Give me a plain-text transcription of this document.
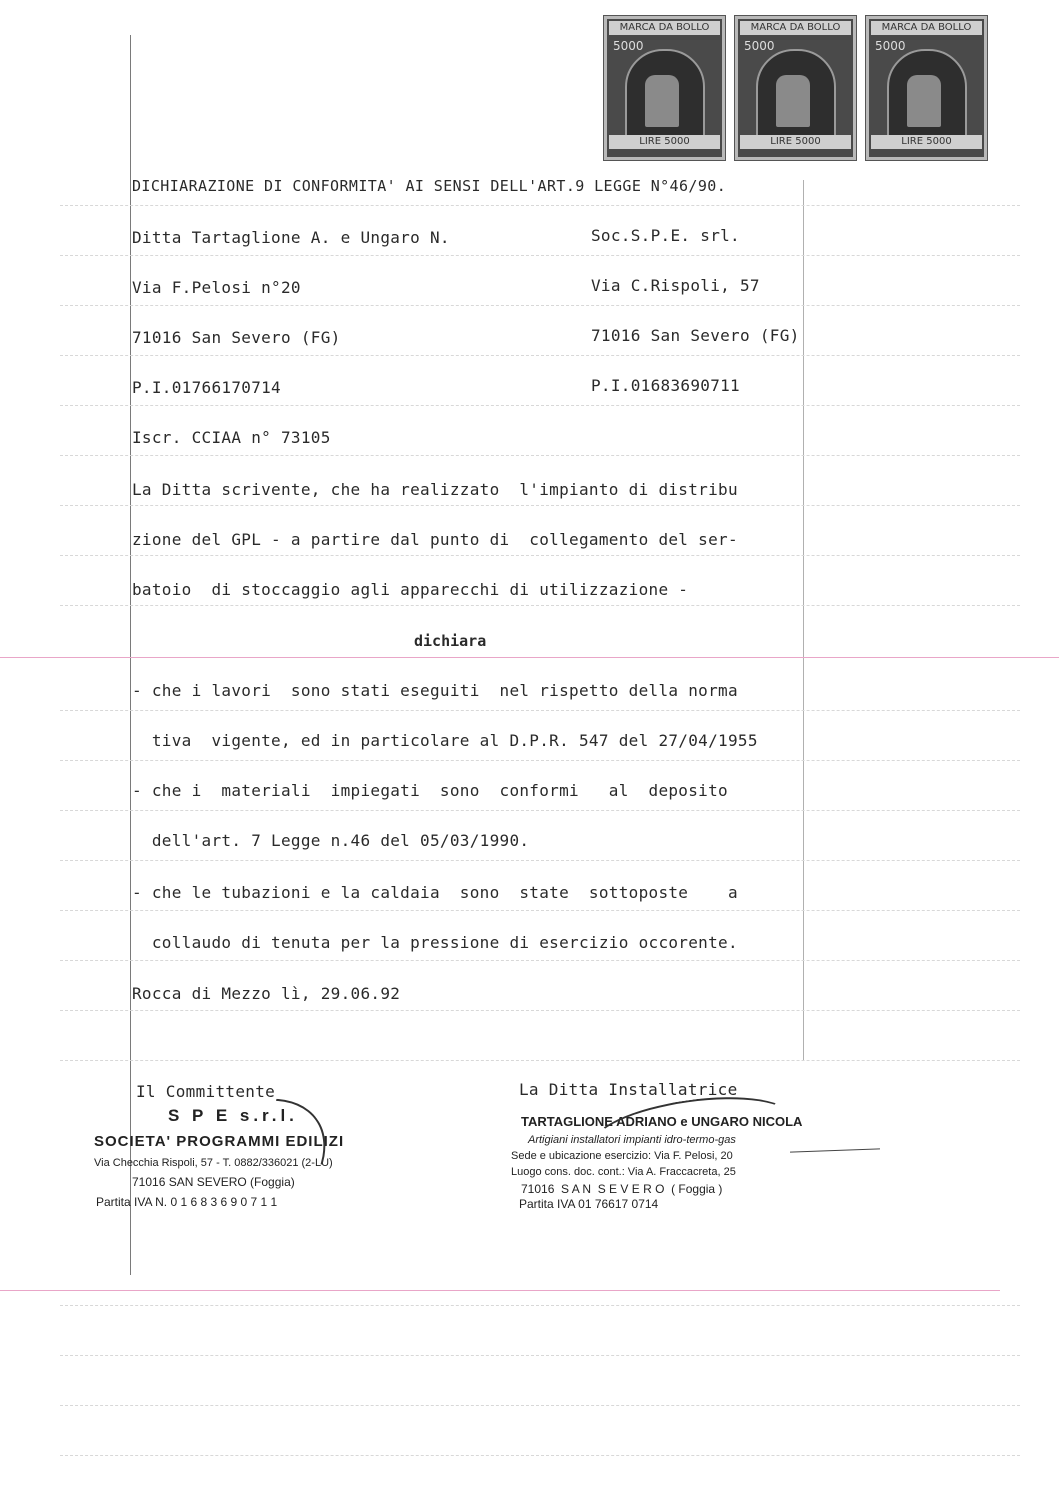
MARCA DA BOLLO
5000
LIRE 5000
MARCA DA BOLLO
5000
LIRE 5000
MARCA DA BOLLO
5000
LIRE 5000
DICHIARAZIONE DI CONFORMITA' AI SENSI DELL'ART.9 LEGGE N°46/90.
Ditta Tartaglione A. e Ungaro N.	Soc.S.P.E. srl.
Via F.Pelosi n°20	Via C.Rispoli, 57
71016 San Severo (FG)	71016 San Severo (FG)
P.I.01766170714	P.I.01683690711
Iscr. CCIAA n° 73105
La Ditta scrivente, che ha realizzato  l'impianto di distribu
zione del GPL - a partire dal punto di  collegamento del ser-
batoio  di stoccaggio agli apparecchi di utilizzazione -
dichiara
- che i lavori  sono stati eseguiti  nel rispetto della norma
tiva  vigente, ed in particolare al D.P.R. 547 del 27/04/1955
- che i  materiali  impiegati  sono  conformi   al  deposito
dell'art. 7 Legge n.46 del 05/03/1990.
- che le tubazioni e la caldaia  sono  state  sottoposte    a
collaudo di tenuta per la pressione di esercizio occorente.
Rocca di Mezzo lì, 29.06.92
Il Committente	La Ditta Installatrice
S P E s.r.l.
SOCIETA' PROGRAMMI EDILIZI
Via Checchia Rispoli, 57 - T. 0882/336021 (2-LU)
71016 SAN SEVERO (Foggia)
Partita IVA N. 0 1 6 8 3 6 9 0 7 1 1
TARTAGLIONE ADRIANO e UNGARO NICOLA
Artigiani installatori impianti idro-termo-gas
Sede e ubicazione esercizio: Via F. Pelosi, 20
Luogo cons. doc. cont.: Via A. Fraccacreta, 25
71016  S A N  S E V E R O  ( Foggia )
Partita IVA 01 76617 0714
